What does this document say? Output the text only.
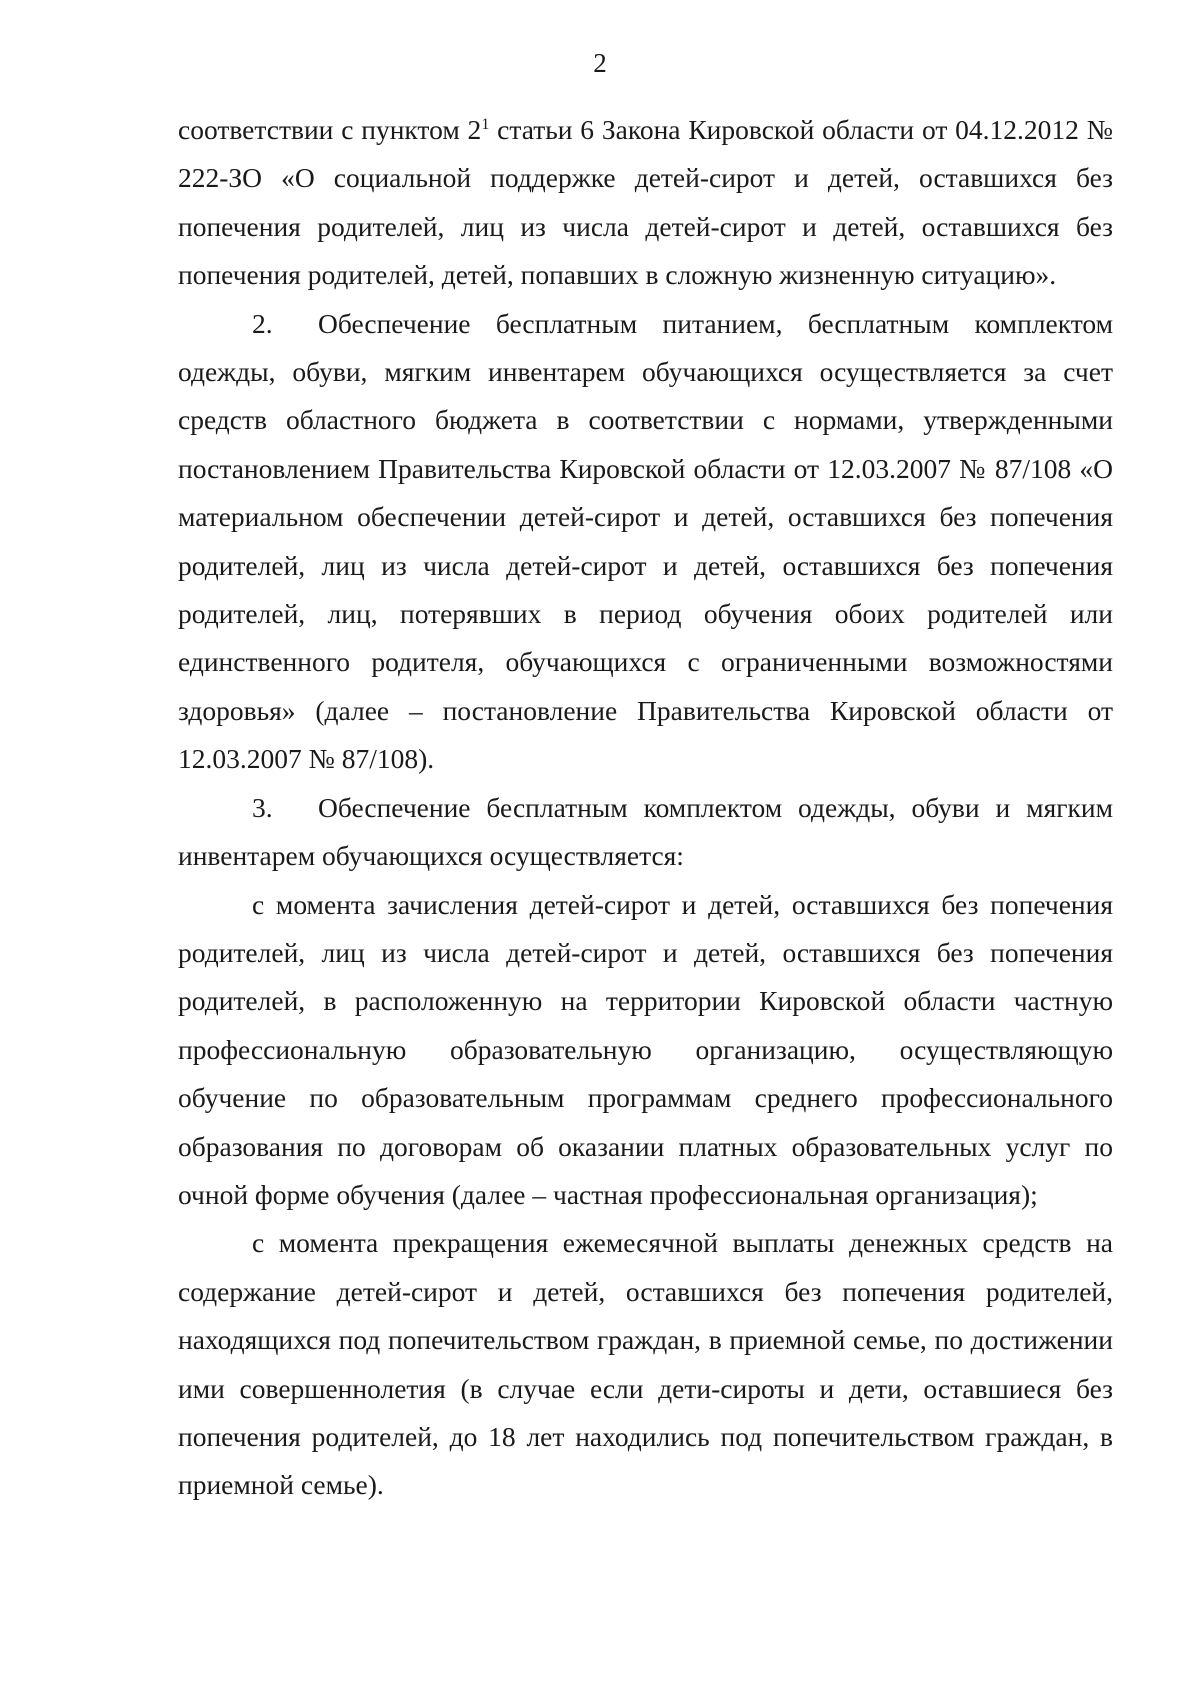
2

соответствии с пунктом $2^1$ статьи 6 Закона Кировской области от 04.12.2012 № 222-ЗО «О социальной поддержке детей-сирот и детей, оставшихся без попечения родителей, лиц из числа детей-сирот и детей, оставшихся без попечения родителей, детей, попавших в сложную жизненную ситуацию».

2. Обеспечение бесплатным питанием, бесплатным комплектом одежды, обуви, мягким инвентарем обучающихся осуществляется за счет средств областного бюджета в соответствии с нормами, утвержденными постановлением Правительства Кировской области от 12.03.2007 № 87/108 «О материальном обеспечении детей-сирот и детей, оставшихся без попечения родителей, лиц из числа детей-сирот и детей, оставшихся без попечения родителей, лиц, потерявших в период обучения обоих родителей или единственного родителя, обучающихся с ограниченными возможностями здоровья» (далее – постановление Правительства Кировской области от 12.03.2007 № 87/108).

3. Обеспечение бесплатным комплектом одежды, обуви и мягким инвентарем обучающихся осуществляется:

с момента зачисления детей-сирот и детей, оставшихся без попечения родителей, лиц из числа детей-сирот и детей, оставшихся без попечения родителей, в расположенную на территории Кировской области частную профессиональную образовательную организацию, осуществляющую обучение по образовательным программам среднего профессионального образования по договорам об оказании платных образовательных услуг по очной форме обучения (далее – частная профессиональная организация);

с момента прекращения ежемесячной выплаты денежных средств на содержание детей-сирот и детей, оставшихся без попечения родителей, находящихся под попечительством граждан, в приемной семье, по достижении ими совершеннолетия (в случае если дети-сироты и дети, оставшиеся без попечения родителей, до 18 лет находились под попечительством граждан, в приемной семье).
